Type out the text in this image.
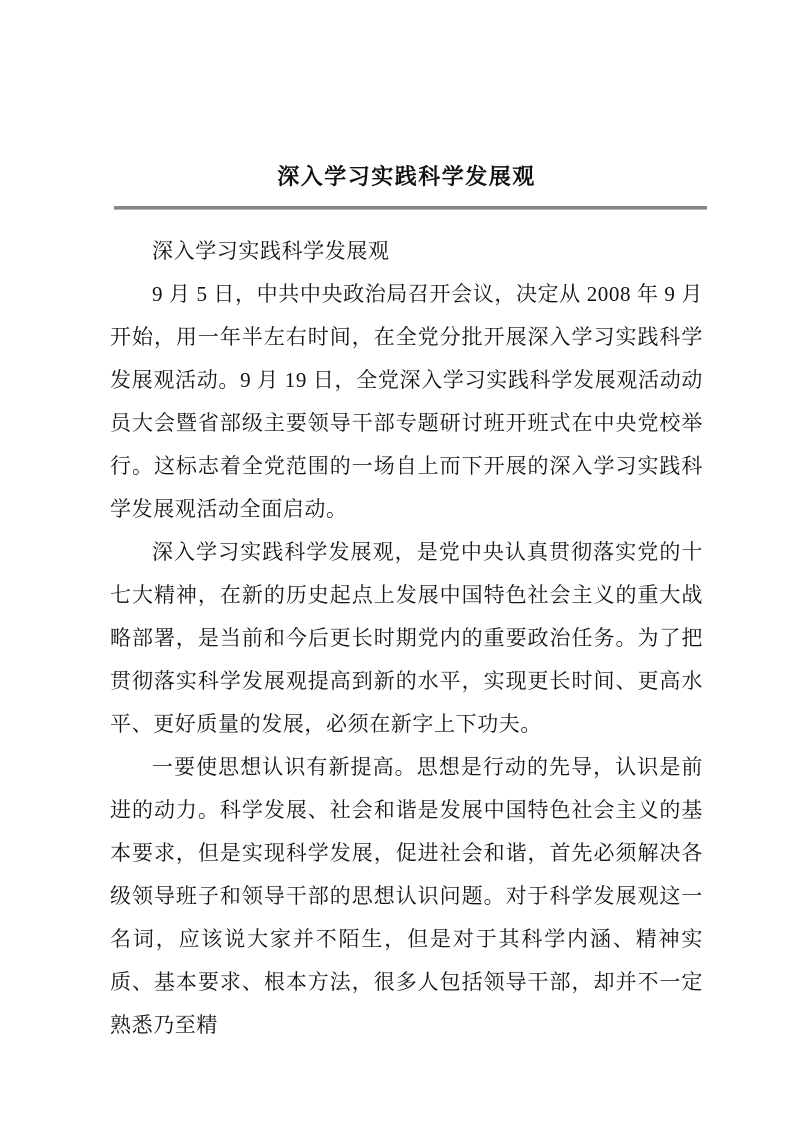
深入学习实践科学发展观

深入学习实践科学发展观

9 月 5 日，中共中央政治局召开会议，决定从 2008 年 9 月开始，用一年半左右时间，在全党分批开展深入学习实践科学发展观活动。9 月 19 日，全党深入学习实践科学发展观活动动员大会暨省部级主要领导干部专题研讨班开班式在中央党校举行。这标志着全党范围的一场自上而下开展的深入学习实践科学发展观活动全面启动。

深入学习实践科学发展观，是党中央认真贯彻落实党的十七大精神，在新的历史起点上发展中国特色社会主义的重大战略部署，是当前和今后更长时期党内的重要政治任务。为了把贯彻落实科学发展观提高到新的水平，实现更长时间、更高水平、更好质量的发展，必须在新字上下功夫。

一要使思想认识有新提高。思想是行动的先导，认识是前进的动力。科学发展、社会和谐是发展中国特色社会主义的基本要求，但是实现科学发展，促进社会和谐，首先必须解决各级领导班子和领导干部的思想认识问题。对于科学发展观这一名词，应该说大家并不陌生，但是对于其科学内涵、精神实质、基本要求、根本方法，很多人包括领导干部，却并不一定熟悉乃至精
